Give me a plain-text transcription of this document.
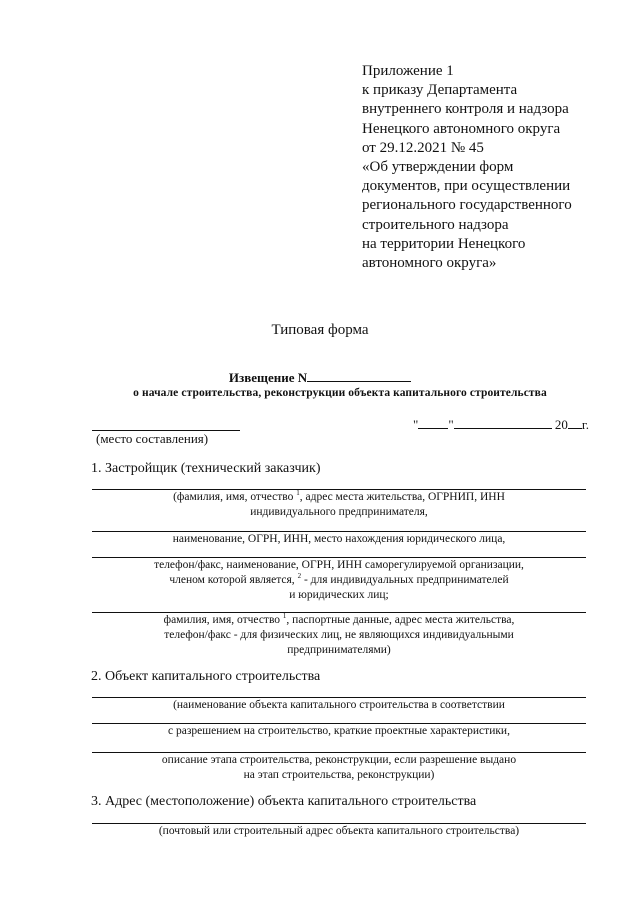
Приложение 1
к приказу Департамента
внутреннего контроля и надзора
Ненецкого автономного округа
от 29.12.2021 № 45
«Об утверждении форм
документов, при осуществлении
регионального государственного
строительного надзора
на территории Ненецкого
автономного округа»
Типовая форма
Извещение N
о начале строительства, реконструкции объекта капитального строительства
(место составления)
" "	20 г.
1. Застройщик (технический заказчик)
(фамилия, имя, отчество $^1$, адрес места жительства, ОГРНИП, ИНН
индивидуального предпринимателя,
наименование, ОГРН, ИНН, место нахождения юридического лица,
телефон/факс, наименование, ОГРН, ИНН саморегулируемой организации,
членом которой является, $^2$ - для индивидуальных предпринимателей
и юридических лиц;
фамилия, имя, отчество $^1$, паспортные данные, адрес места жительства,
телефон/факс - для физических лиц, не являющихся индивидуальными
предпринимателями)
2. Объект капитального строительства
(наименование объекта капитального строительства в соответствии
с разрешением на строительство, краткие проектные характеристики,
описание этапа строительства, реконструкции, если разрешение выдано
на этап строительства, реконструкции)
3. Адрес (местоположение) объекта капитального строительства
(почтовый или строительный адрес объекта капитального строительства)
